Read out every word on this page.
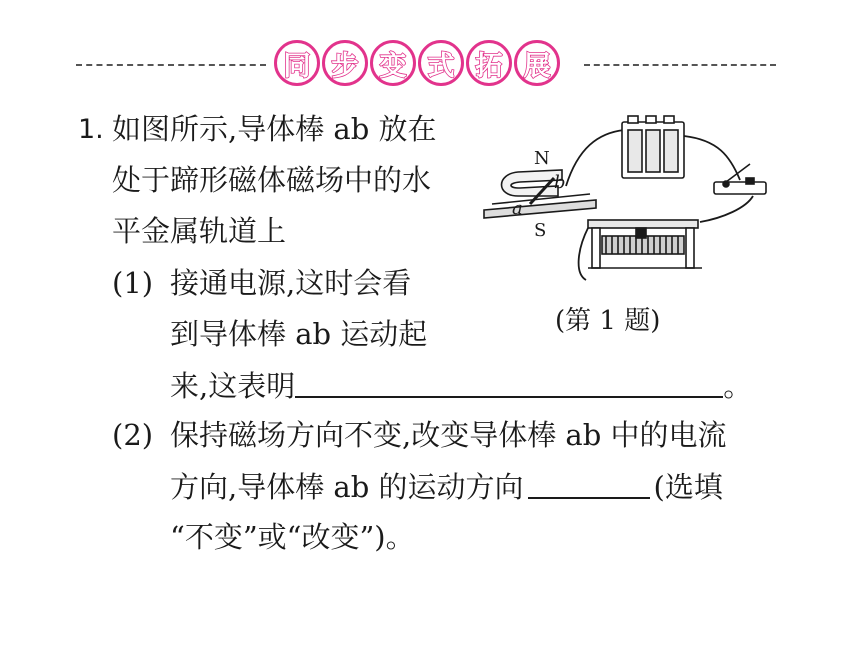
同 步 变 式 拓 展
1. 如图所示,导体棒 ab 放在
处于蹄形磁体磁场中的水
平金属轨道上
(1) 接通电源,这时会看
到导体棒 ab 运动起
来,这表明	。
(2) 保持磁场方向不变,改变导体棒 ab 中的电流
方向,导体棒 ab 的运动方向	(选填
“不变”或“改变”)。
N
S
a
b
(第 1 题)
